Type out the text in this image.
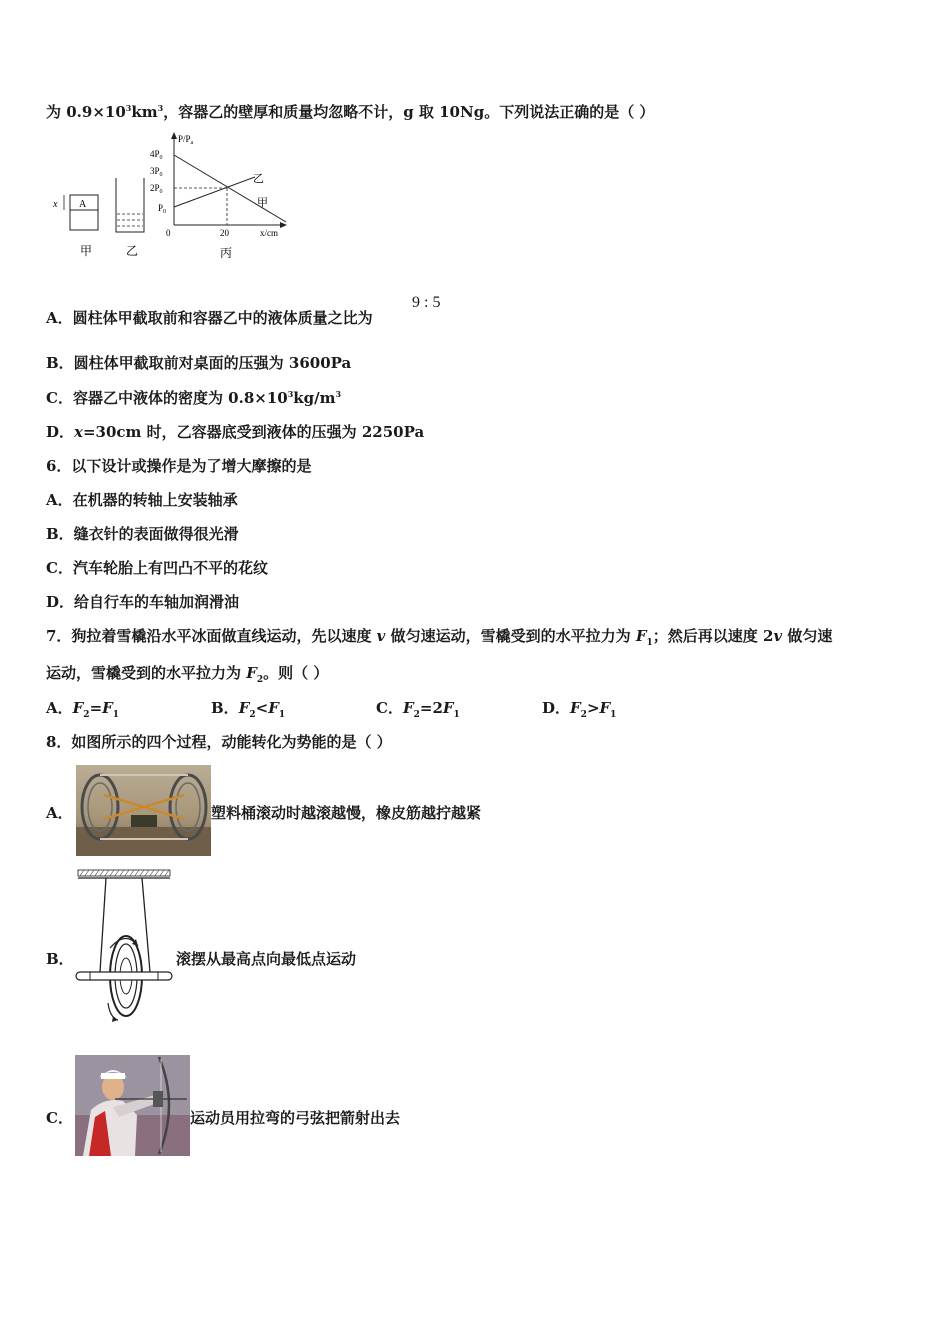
为 $0.9\times 10^3km^3$，容器乙的壁厚和质量均忽略不计，g 取 10Ng。下列说法正确的是（ ）
x A
$P/P_a$
$4P_0$
$3P_0$
$2P_0$
$P_0$
0	20	x/cm
乙
甲
甲	乙	丙
A．圆柱体甲截取前和容器乙中的液体质量之比为
9 : 5
B．圆柱体甲截取前对桌面的压强为 3600Pa
C．容器乙中液体的密度为 $0.8\times 10^3kg/m^3$
D．x=30cm 时，乙容器底受到液体的压强为 2250Pa
6．以下设计或操作是为了增大摩擦的是
A．在机器的转轴上安装轴承
B．缝衣针的表面做得很光滑
C．汽车轮胎上有凹凸不平的花纹
D．给自行车的车轴加润滑油
7．狗拉着雪橇沿水平冰面做直线运动，先以速度 v 做匀速运动，雪橇受到的水平拉力为 $F_1$；然后再以速度 2v 做匀速
运动，雪橇受到的水平拉力为 $F_2$。则（ ）
A．$F_2=F_1$	B．$F_2<F_1$	C．$F_2=2F_1$	D．$F_2>F_1$
8．如图所示的四个过程，动能转化为势能的是（ ）
A．	塑料桶滚动时越滚越慢，橡皮筋越拧越紧
B．	滚摆从最高点向最低点运动
C．	运动员用拉弯的弓弦把箭射出去
